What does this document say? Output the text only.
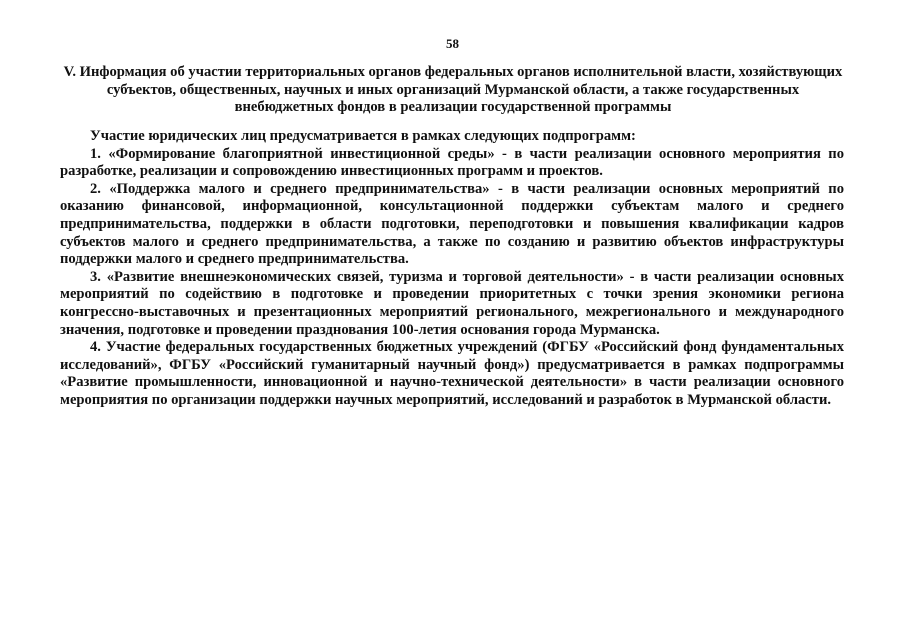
58
V. Информация об участии территориальных органов федеральных органов исполнительной власти, хозяйствующих субъектов, общественных, научных и иных организаций Мурманской области, а также государственных внебюджетных фондов в реализации государственной программы

Участие юридических лиц предусматривается в рамках следующих подпрограмм:

1. «Формирование благоприятной инвестиционной среды» - в части реализации основного мероприятия по разработке, реализации и сопровождению инвестиционных программ и проектов.

2. «Поддержка малого и среднего предпринимательства» - в части реализации основных мероприятий по оказанию финансовой, информационной, консультационной поддержки субъектам малого и среднего предпринимательства, поддержки в области подготовки, переподготовки и повышения квалификации кадров субъектов малого и среднего предпринимательства, а также по созданию и развитию объектов инфраструктуры поддержки малого и среднего предпринимательства.

3. «Развитие внешнеэкономических связей, туризма и торговой деятельности» - в части реализации основных мероприятий по содействию в подготовке и проведении приоритетных с точки зрения экономики региона конгрессно-выставочных и презентационных мероприятий регионального, межрегионального и международного значения, подготовке и проведении празднования 100-летия основания города Мурманска.

4. Участие федеральных государственных бюджетных учреждений (ФГБУ «Российский фонд фундаментальных исследований», ФГБУ «Российский гуманитарный научный фонд») предусматривается в рамках подпрограммы «Развитие промышленности, инновационной и научно-технической деятельности» в части реализации основного мероприятия по организации поддержки научных мероприятий, исследований и разработок в Мурманской области.
